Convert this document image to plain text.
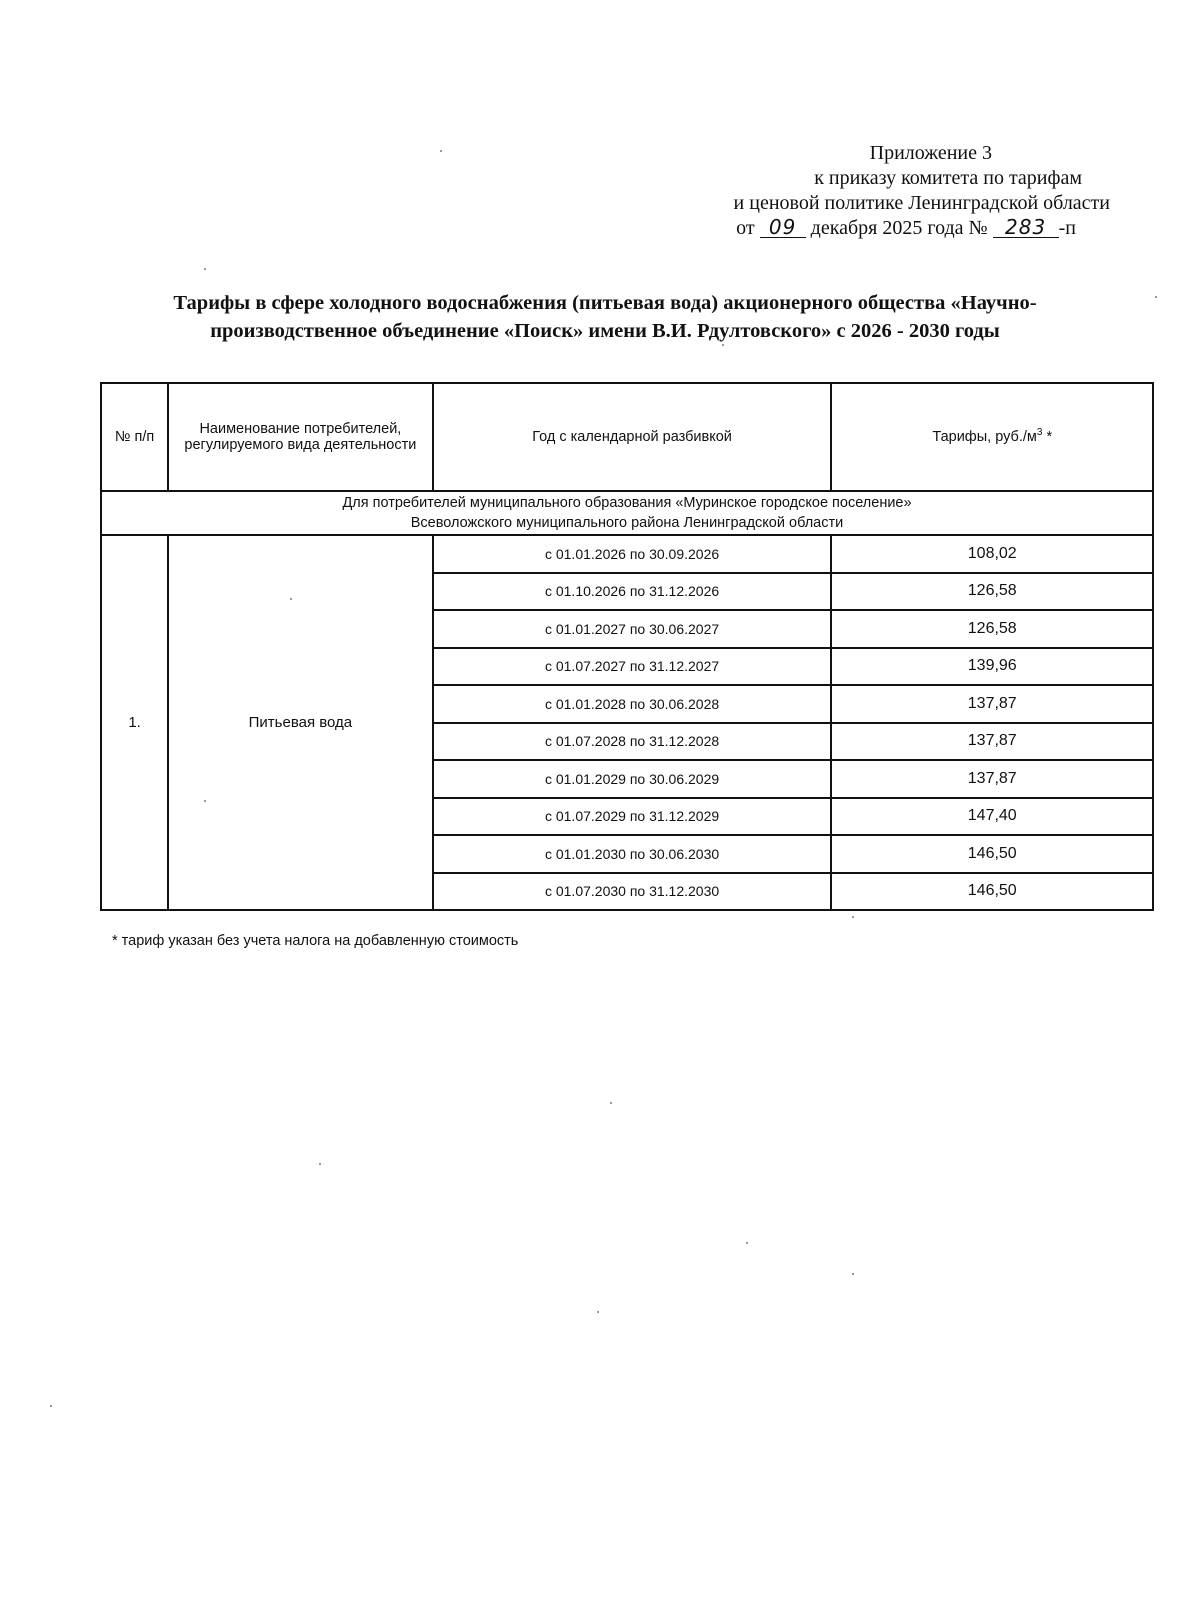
Приложение 3
к приказу комитета по тарифам
и ценовой политике Ленинградской области
от 09 декабря 2025 года № 283 -п
Тарифы в сфере холодного водоснабжения (питьевая вода) акционерного общества «Научно-
производственное объединение «Поиск» имени В.И. Рдултовского» с 2026 - 2030 годы
№ п/п	Наименование потребителей, регулируемого вида деятельности	Год с календарной разбивкой	Тарифы, $руб./м^3$ *

Для потребителей муниципального образования «Муринское городское поселение»
Всеволожского муниципального района Ленинградской области			

1.	Питьевая вода	с 01.01.2026 по 30.09.2026	108,02
		с 01.10.2026 по 31.12.2026	126,58
		с 01.01.2027 по 30.06.2027	126,58
		с 01.07.2027 по 31.12.2027	139,96
		с 01.01.2028 по 30.06.2028	137,87
		с 01.07.2028 по 31.12.2028	137,87
		с 01.01.2029 по 30.06.2029	137,87
		с 01.07.2029 по 31.12.2029	147,40
		с 01.01.2030 по 30.06.2030	146,50
		с 01.07.2030 по 31.12.2030	146,50
* тариф указан без учета налога на добавленную стоимость
